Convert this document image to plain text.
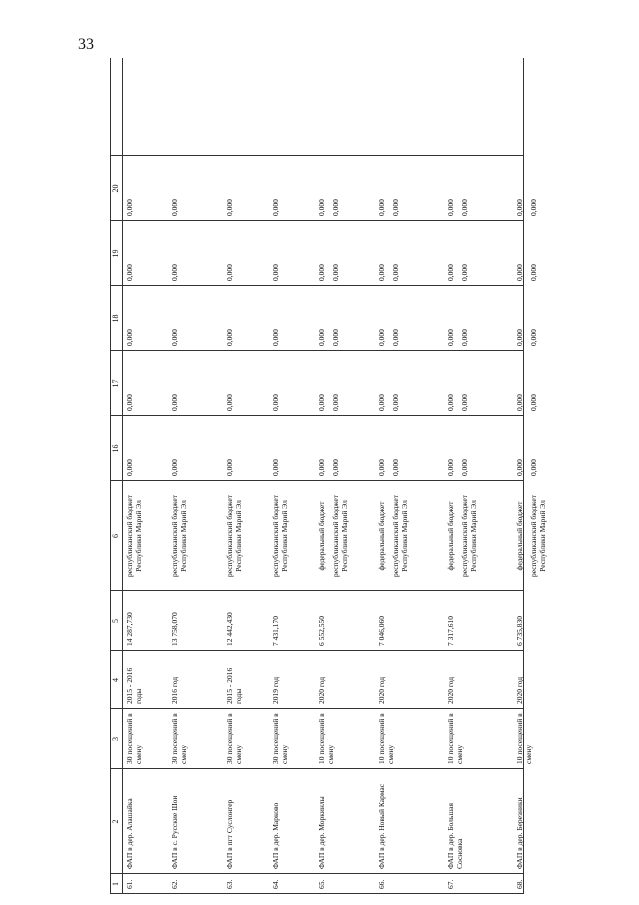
33
1
2
3
4
5
6
16
17
18
19
20
61.
ФАП в дер. Алашайка
30 посещений в смену
2015 - 2016 годы
14 287,730
республиканский бюджет Республики Марий Эл
0,000
0,000
0,000
0,000
0,000
62.
ФАП в с. Русские Шои
30 посещений в смену
2016 год
13 758,070
республиканский бюджет Республики Марий Эл
0,000
0,000
0,000
0,000
0,000
63.
ФАП в пгт Суслонгер
30 посещений в смену
2015 - 2016 годы
12 442,430
республиканский бюджет Республики Марий Эл
0,000
0,000
0,000
0,000
0,000
64.
ФАП в дер. Марково
30 посещений в смену
2019 год
7 431,170
республиканский бюджет Республики Марий Эл
0,000
0,000
0,000
0,000
0,000
65.
ФАП в дер. Моркинлы
10 посещений в смену
2020 год
6 552,550
федеральный бюджет
0,000
0,000
0,000
0,000
0,000
республиканский бюджет Республики Марий Эл
0,000
0,000
0,000
0,000
0,000
66.
ФАП в дер. Новый Кармас
10 посещений в смену
2020 год
7 046,060
федеральный бюджет
0,000
0,000
0,000
0,000
0,000
республиканский бюджет Республики Марий Эл
0,000
0,000
0,000
0,000
0,000
67.
ФАП в дер. Большая Сосновка
10 посещений в смену
2020 год
7 317,610
федеральный бюджет
0,000
0,000
0,000
0,000
0,000
республиканский бюджет Республики Марий Эл
0,000
0,000
0,000
0,000
0,000
68.
ФАП в дер. Березники
10 посещений в смену
2020 год
6 735,830
федеральный бюджет
0,000
0,000
0,000
0,000
0,000
республиканский бюджет Республики Марий Эл
0,000
0,000
0,000
0,000
0,000
